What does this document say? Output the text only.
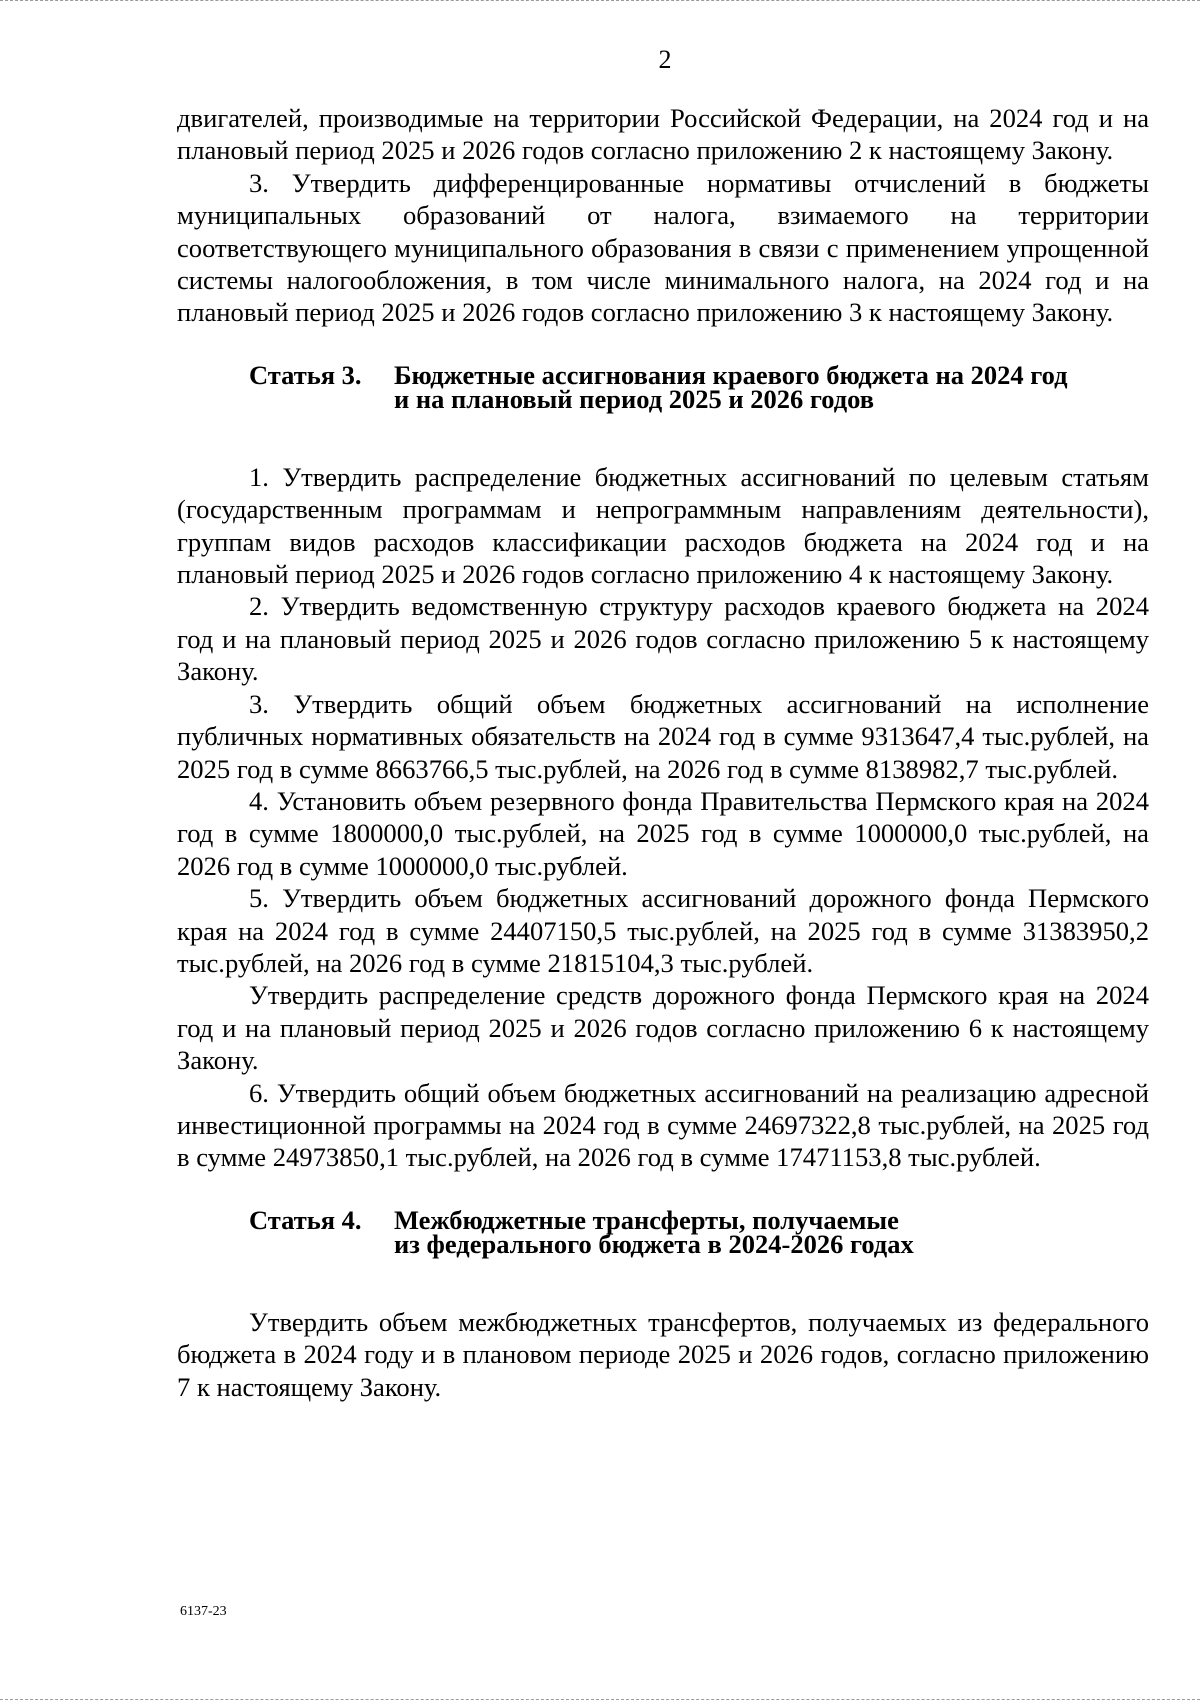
2

двигателей, производимые на территории Российской Федерации, на 2024 год и на плановый период 2025 и 2026 годов согласно приложению 2 к настоящему Закону.

3. Утвердить дифференцированные нормативы отчислений в бюджеты муниципальных образований от налога, взимаемого на территории соответствующего муниципального образования в связи с применением упрощенной системы налогообложения, в том числе минимального налога, на 2024 год и на плановый период 2025 и 2026 годов согласно приложению 3 к настоящему Закону.

Статья 3. Бюджетные ассигнования краевого бюджета на 2024 год
и на плановый период 2025 и 2026 годов

1. Утвердить распределение бюджетных ассигнований по целевым статьям (государственным программам и непрограммным направлениям деятельности), группам видов расходов классификации расходов бюджета на 2024 год и на плановый период 2025 и 2026 годов согласно приложению 4 к настоящему Закону.

2. Утвердить ведомственную структуру расходов краевого бюджета на 2024 год и на плановый период 2025 и 2026 годов согласно приложению 5 к настоящему Закону.

3. Утвердить общий объем бюджетных ассигнований на исполнение публичных нормативных обязательств на 2024 год в сумме 9313647,4 тыс.рублей, на 2025 год в сумме 8663766,5 тыс.рублей, на 2026 год в сумме 8138982,7 тыс.рублей.

4. Установить объем резервного фонда Правительства Пермского края на 2024 год в сумме 1800000,0 тыс.рублей, на 2025 год в сумме 1000000,0 тыс.рублей, на 2026 год в сумме 1000000,0 тыс.рублей.

5. Утвердить объем бюджетных ассигнований дорожного фонда Пермского края на 2024 год в сумме 24407150,5 тыс.рублей, на 2025 год в сумме 31383950,2 тыс.рублей, на 2026 год в сумме 21815104,3 тыс.рублей.

Утвердить распределение средств дорожного фонда Пермского края на 2024 год и на плановый период 2025 и 2026 годов согласно приложению 6 к настоящему Закону.

6. Утвердить общий объем бюджетных ассигнований на реализацию адресной инвестиционной программы на 2024 год в сумме 24697322,8 тыс.рублей, на 2025 год в сумме 24973850,1 тыс.рублей, на 2026 год в сумме 17471153,8 тыс.рублей.

Статья 4. Межбюджетные трансферты, получаемые
из федерального бюджета в 2024-2026 годах

Утвердить объем межбюджетных трансфертов, получаемых из федерального бюджета в 2024 году и в плановом периоде 2025 и 2026 годов, согласно приложению 7 к настоящему Закону.

6137-23
